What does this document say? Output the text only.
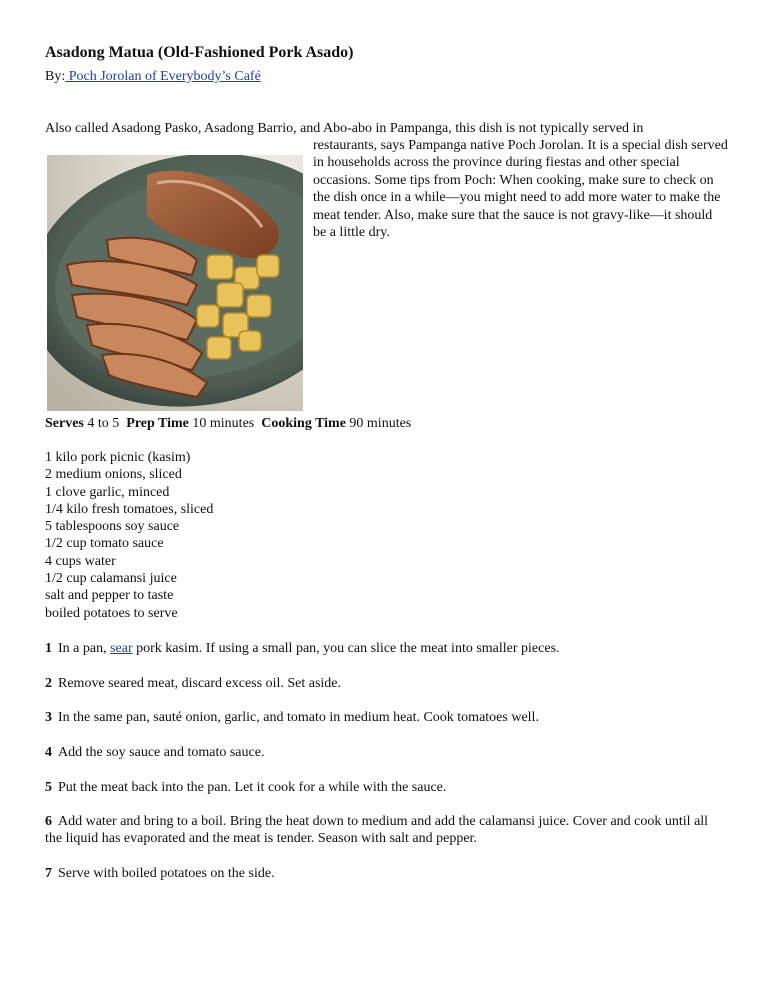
Asadong Matua (Old-Fashioned Pork Asado)
By: Poch Jorolan of Everybody’s Café
Also called Asadong Pasko, Asadong Barrio, and Abo-abo in Pampanga, this dish is not typically served in
restaurants, says Pampanga native Poch Jorolan. It is a special dish served in households across the province during fiestas and other special occasions. Some tips from Poch: When cooking, make sure to check on the dish once in a while—you might need to add more water to make the meat tender. Also, make sure that the sauce is not gravy-like—it should be a little dry.
Serves 4 to 5 Prep Time 10 minutes Cooking Time 90 minutes
1 kilo pork picnic (kasim)
2 medium onions, sliced
1 clove garlic, minced
1/4 kilo fresh tomatoes, sliced
5 tablespoons soy sauce
1/2 cup tomato sauce
4 cups water
1/2 cup calamansi juice
salt and pepper to taste
boiled potatoes to serve
1 In a pan, sear pork kasim. If using a small pan, you can slice the meat into smaller pieces.
2 Remove seared meat, discard excess oil. Set aside.
3 In the same pan, sauté onion, garlic, and tomato in medium heat. Cook tomatoes well.
4 Add the soy sauce and tomato sauce.
5 Put the meat back into the pan. Let it cook for a while with the sauce.
6 Add water and bring to a boil. Bring the heat down to medium and add the calamansi juice. Cover and cook until all the liquid has evaporated and the meat is tender. Season with salt and pepper.
7 Serve with boiled potatoes on the side.
